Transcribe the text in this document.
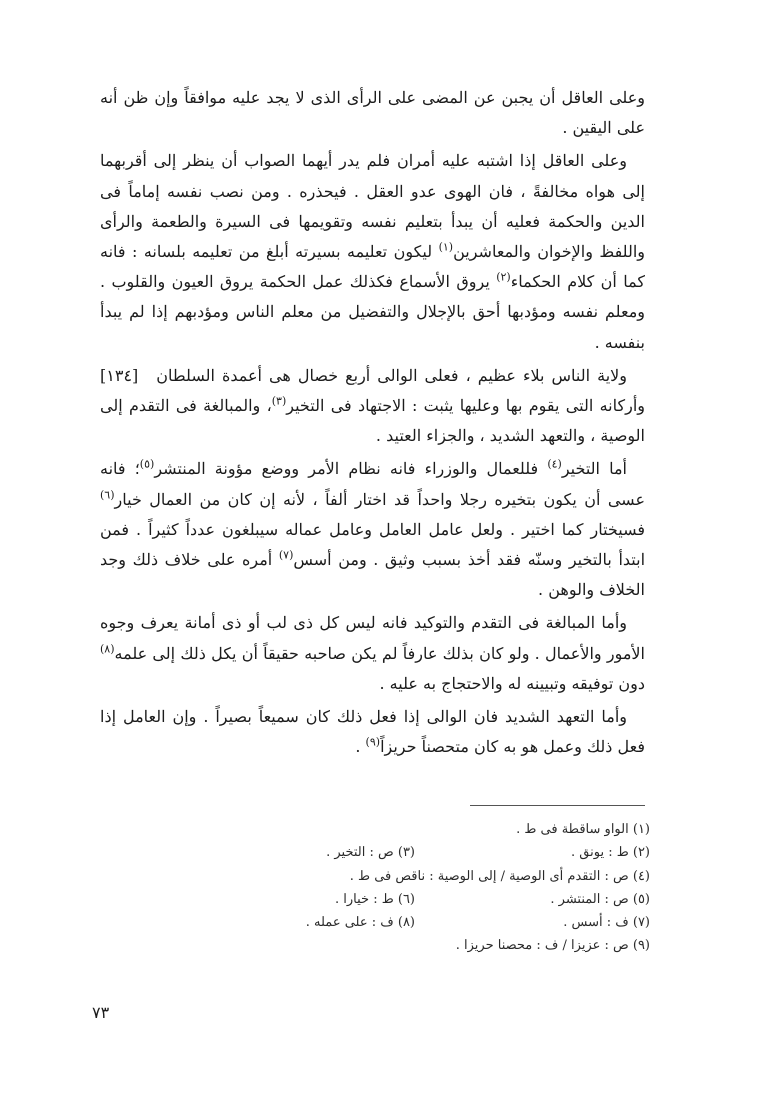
وعلى العاقل أن يجبن عن المضى على الرأى الذى لا يجد عليه موافقاً وإن ظن أنه على اليقين .

وعلى العاقل إذا اشتبه عليه أمران فلم يدر أيهما الصواب أن ينظر إلى أقربهما إلى هواه مخالفةً ، فان الهوى عدو العقل . فيحذره . ومن نصب نفسه إماماً فى الدين والحكمة فعليه أن يبدأ بتعليم نفسه وتقويمها فى السيرة والطعمة والرأى واللفظ والإخوان والمعاشرين$^{(١)}$ ليكون تعليمه بسيرته أبلغ من تعليمه بلسانه : فانه كما أن كلام الحكماء$^{(٢)}$ يروق الأسماع فكذلك عمل الحكمة يروق العيون والقلوب . ومعلم نفسه ومؤدبها أحق بالإجلال والتفضيل من معلم الناس ومؤدبهم إذا لم يبدأ بنفسه .

[١٣٤]	ولاية الناس بلاء عظيم ، فعلى الوالى أربع خصال هى أعمدة السلطان وأركانه التى يقوم بها وعليها يثبت : الاجتهاد فى التخير$^{(٣)}$، والمبالغة فى التقدم إلى الوصية ، والتعهد الشديد ، والجزاء العتيد .

أما التخير$^{(٤)}$ فللعمال والوزراء فانه نظام الأمر ووضع مؤونة المنتشر$^{(٥)}$؛ فانه عسى أن يكون بتخيره رجلا واحداً قد اختار ألفاً ، لأنه إن كان من العمال خيار$^{(٦)}$ فسيختار كما اختير . ولعل عامل العامل وعامل عماله سيبلغون عدداً كثيراً . فمن ابتدأ بالتخير وسنّه فقد أخذ بسبب وثيق . ومن أسس$^{(٧)}$ أمره على خلاف ذلك وجد الخلاف والوهن .

وأما المبالغة فى التقدم والتوكيد فانه ليس كل ذى لب أو ذى أمانة يعرف وجوه الأمور والأعمال . ولو كان بذلك عارفاً لم يكن صاحبه حقيقاً أن يكل ذلك إلى علمه$^{(٨)}$ دون توفيقه وتبيينه له والاحتجاج به عليه .

وأما التعهد الشديد فان الوالى إذا فعل ذلك كان سميعاً بصيراً . وإن العامل إذا فعل ذلك وعمل هو به كان متحصناً حريزاً$^{(٩)}$ .

(١) الواو ساقطة فى ط .
(٢) ط : يونق .
(٣) ص : التخير .
(٤) ص : التقدم أى الوصية / إلى الوصية : ناقص فى ط .
(٥) ص : المنتشر .
(٦) ط : خيارا .
(٧) ف : أسس .
(٨) ف : على عمله .
(٩) ص : عزيزا / ف : محصنا حريزا .
٧٣
